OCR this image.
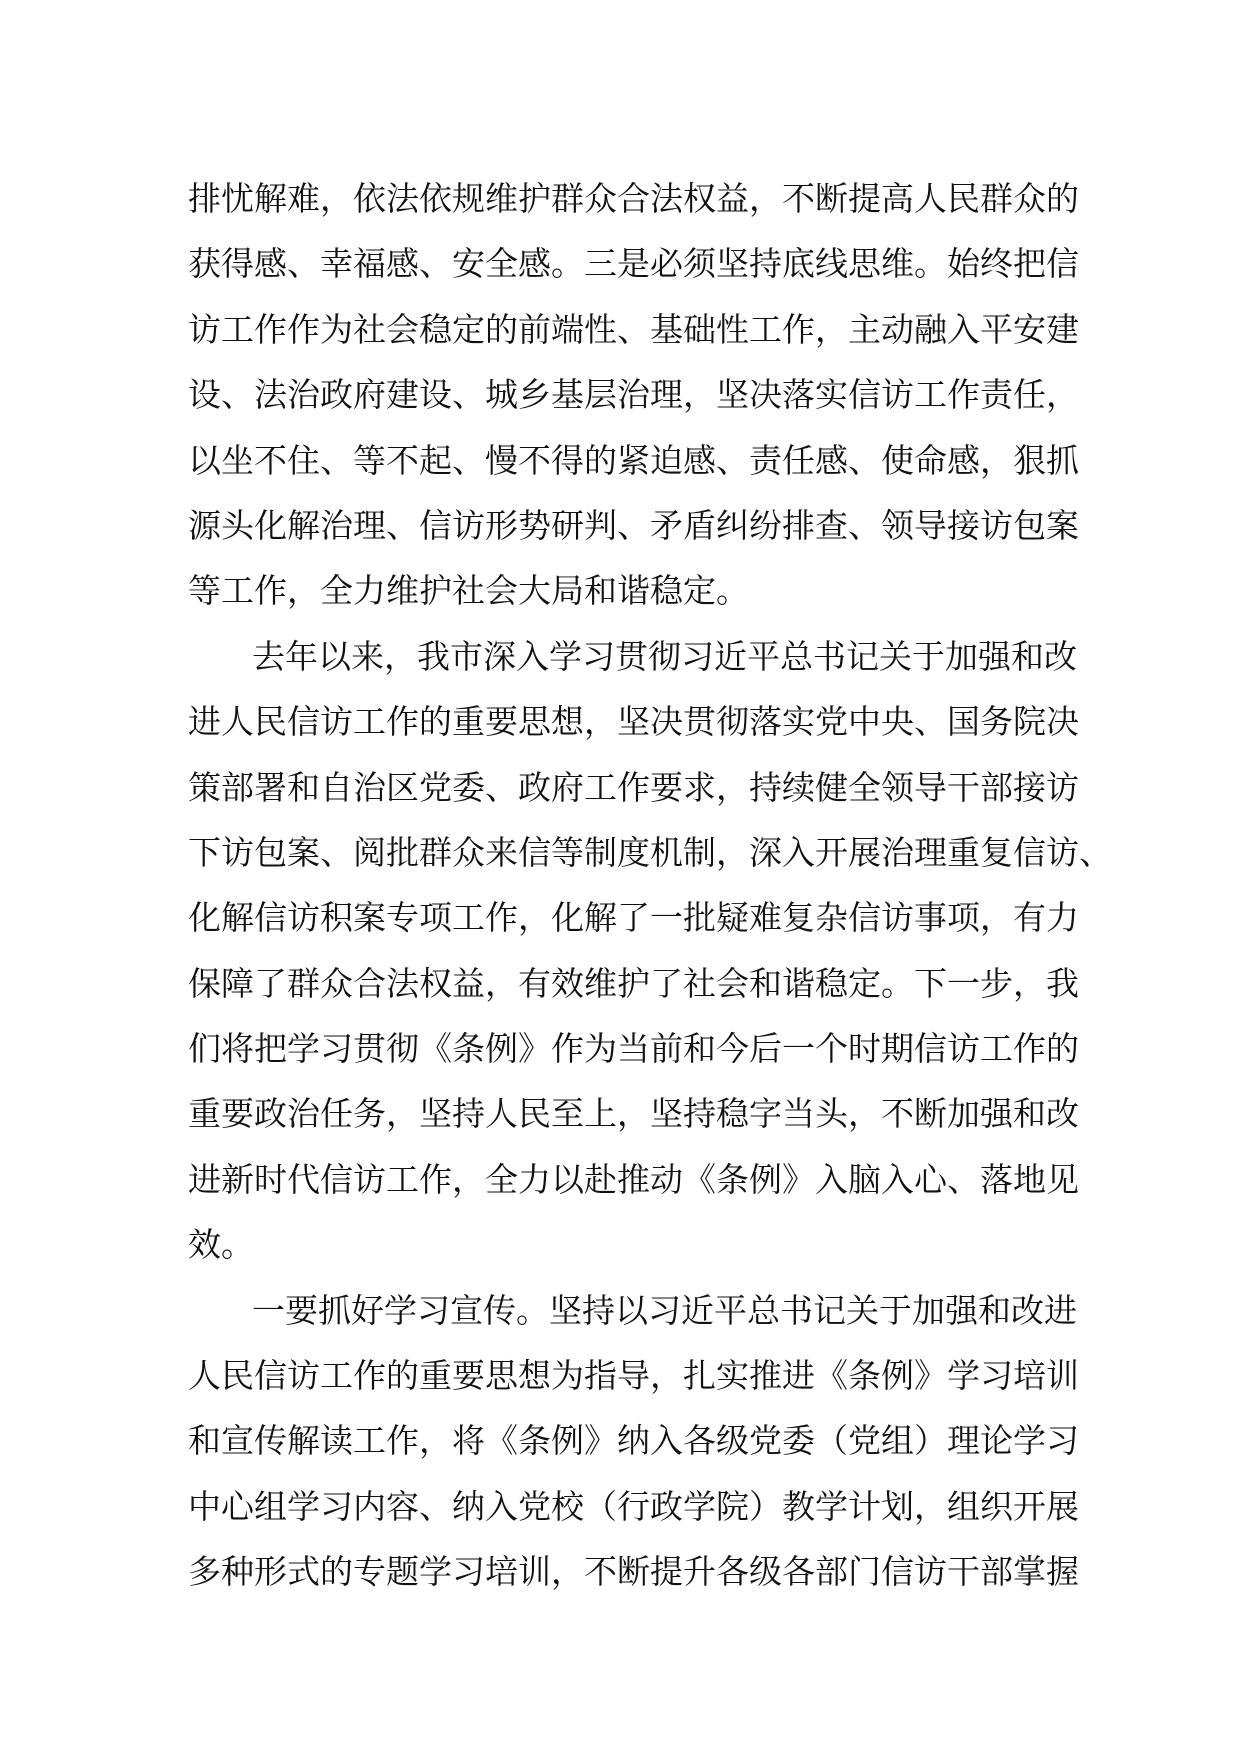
排忧解难，依法依规维护群众合法权益，不断提高人民群众的
获得感、幸福感、安全感。三是必须坚持底线思维。始终把信
访工作作为社会稳定的前端性、基础性工作，主动融入平安建
设、法治政府建设、城乡基层治理，坚决落实信访工作责任，
以坐不住、等不起、慢不得的紧迫感、责任感、使命感，狠抓
源头化解治理、信访形势研判、矛盾纠纷排查、领导接访包案
等工作，全力维护社会大局和谐稳定。
去年以来，我市深入学习贯彻习近平总书记关于加强和改
进人民信访工作的重要思想，坚决贯彻落实党中央、国务院决
策部署和自治区党委、政府工作要求，持续健全领导干部接访
下访包案、阅批群众来信等制度机制，深入开展治理重复信访、
化解信访积案专项工作，化解了一批疑难复杂信访事项，有力
保障了群众合法权益，有效维护了社会和谐稳定。下一步，我
们将把学习贯彻《条例》作为当前和今后一个时期信访工作的
重要政治任务，坚持人民至上，坚持稳字当头，不断加强和改
进新时代信访工作，全力以赴推动《条例》入脑入心、落地见
效。
一要抓好学习宣传。坚持以习近平总书记关于加强和改进
人民信访工作的重要思想为指导，扎实推进《条例》学习培训
和宣传解读工作，将《条例》纳入各级党委（党组）理论学习
中心组学习内容、纳入党校（行政学院）教学计划，组织开展
多种形式的专题学习培训，不断提升各级各部门信访干部掌握
